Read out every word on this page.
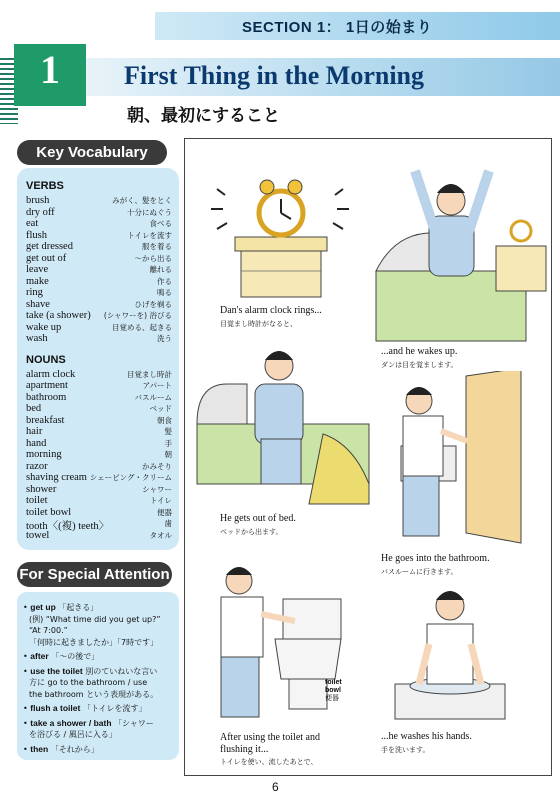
SECTION 1： 1日の始まり
1	First Thing in the Morning
朝、最初にすること
Key Vocabulary
VERBS
brush	みがく、髪をとく
dry off	十分にぬぐう
eat	食べる
flush	トイレを流す
get dressed	服を着る
get out of	～から出る
leave	離れる
make	作る
ring	鳴る
shave	ひげを剃る
take (a shower) (シャワーを) 浴びる
wake up	目覚める、起きる
wash	洗う
NOUNS
alarm clock	目覚まし時計
apartment	アパート
bathroom	バスルーム
bed	ベッド
breakfast	朝食
hair	髪
hand	手
morning	朝
razor	かみそり
shaving cream シェービング・クリーム
shower	シャワー
toilet	トイレ
toilet bowl	便器
tooth〈(複) teeth〉	歯
towel	タオル
For Special Attention
• get up 「起きる」
(例) “What time did you get up?”
“At 7:00.”
「何時に起きましたか」「7時です」
• after 「～の後で」
• use the toilet 別のていねいな言い
方に go to the bathroom / use
the bathroom という表現がある。
• flush a toilet 「トイレを流す」
• take a shower / bath 「シャワー
を浴びる / 風呂に入る」
• then 「それから」
Dan's alarm clock rings...
目覚まし時計がなると、
...and he wakes up.
ダンは目を覚まします。
He gets out of bed.
ベッドから出ます。
He goes into the bathroom.
バスルームに行きます。
toilet
bowl
便器
After using the toilet and
flushing it...
トイレを使い、流したあとで、
...he washes his hands.
手を洗います。
6
